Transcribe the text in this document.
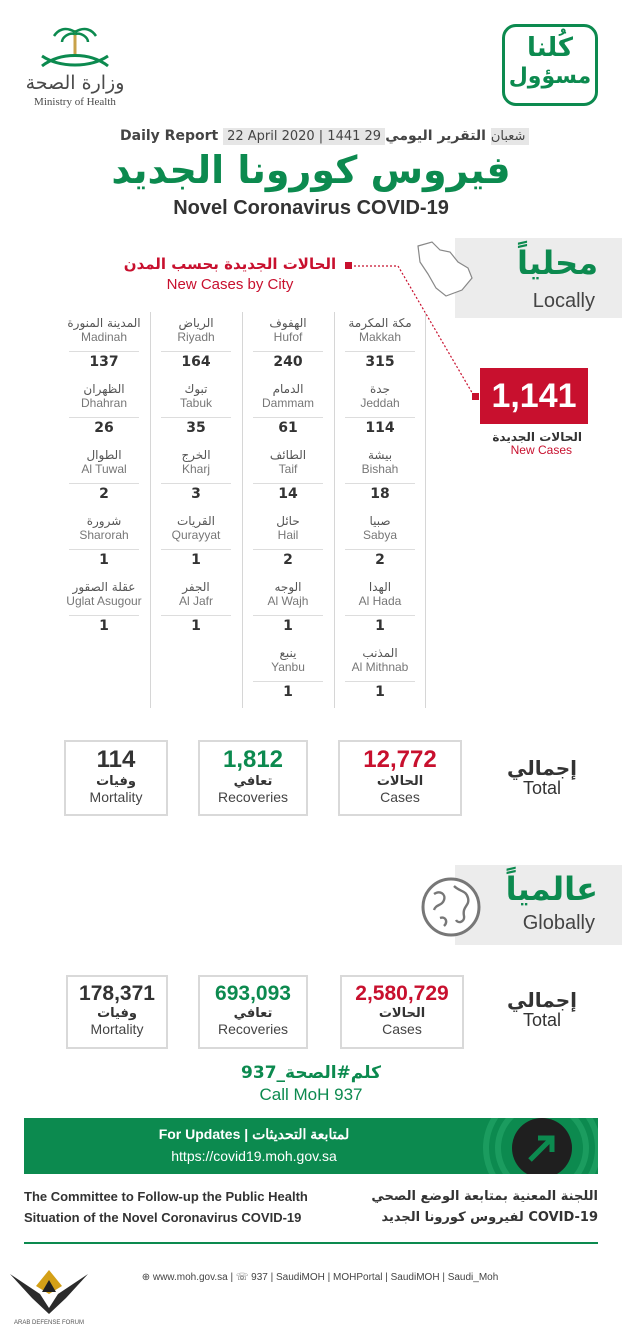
وزارة الصحة
Ministry of Health
كُلنا
مسؤول
Daily Report 22 April 2020 | 1441 29 شعبان التقرير اليومي
فيروس كورونا الجديد
Novel Coronavirus COVID-19
محلياً
Locally
الحالات الجديدة بحسب المدن
New Cases by City
1,141
الحالات الجديدة
New Cases
مكة المكرمة
Makkah
315
الهفوف
Hufof
240
الرياض
Riyadh
164
المدينة المنورة
Madinah
137
جدة
Jeddah
114
الدمام
Dammam
61
تبوك
Tabuk
35
الظهران
Dhahran
26
بيشة
Bishah
18
الطائف
Taif
14
الخرج
Kharj
3
الطوال
Al Tuwal
2
صبيا
Sabya
2
حائل
Hail
2
القريات
Qurayyat
1
شرورة
Sharorah
1
الهدا
Al Hada
1
الوجه
Al Wajh
1
الجفر
Al Jafr
1
عقلة الصقور
Uglat Asugour
1
المذنب
Al Mithnab
1
ينبع
Yanbu
1
12,772
الحالات
Cases
1,812
تعافي
Recoveries
114
وفيات
Mortality
إجمالي
Total
عالمياً
Globally
2,580,729
الحالات
Cases
693,093
تعافي
Recoveries
178,371
وفيات
Mortality
إجمالي
Total
كلم#الصحة_937
Call MoH 937
For Updates | لمتابعة التحديثات
https://covid19.moh.gov.sa
The Committee to Follow-up the Public Health
Situation of the Novel Coronavirus COVID-19
اللجنة المعنية بمتابعة الوضع الصحي
لفيروس كورونا الجديد COVID-19
⊕ www.moh.gov.sa | ☏ 937 | SaudiMOH | MOHPortal | SaudiMOH | Saudi_Moh
ARAB DEFENSE FORUM
